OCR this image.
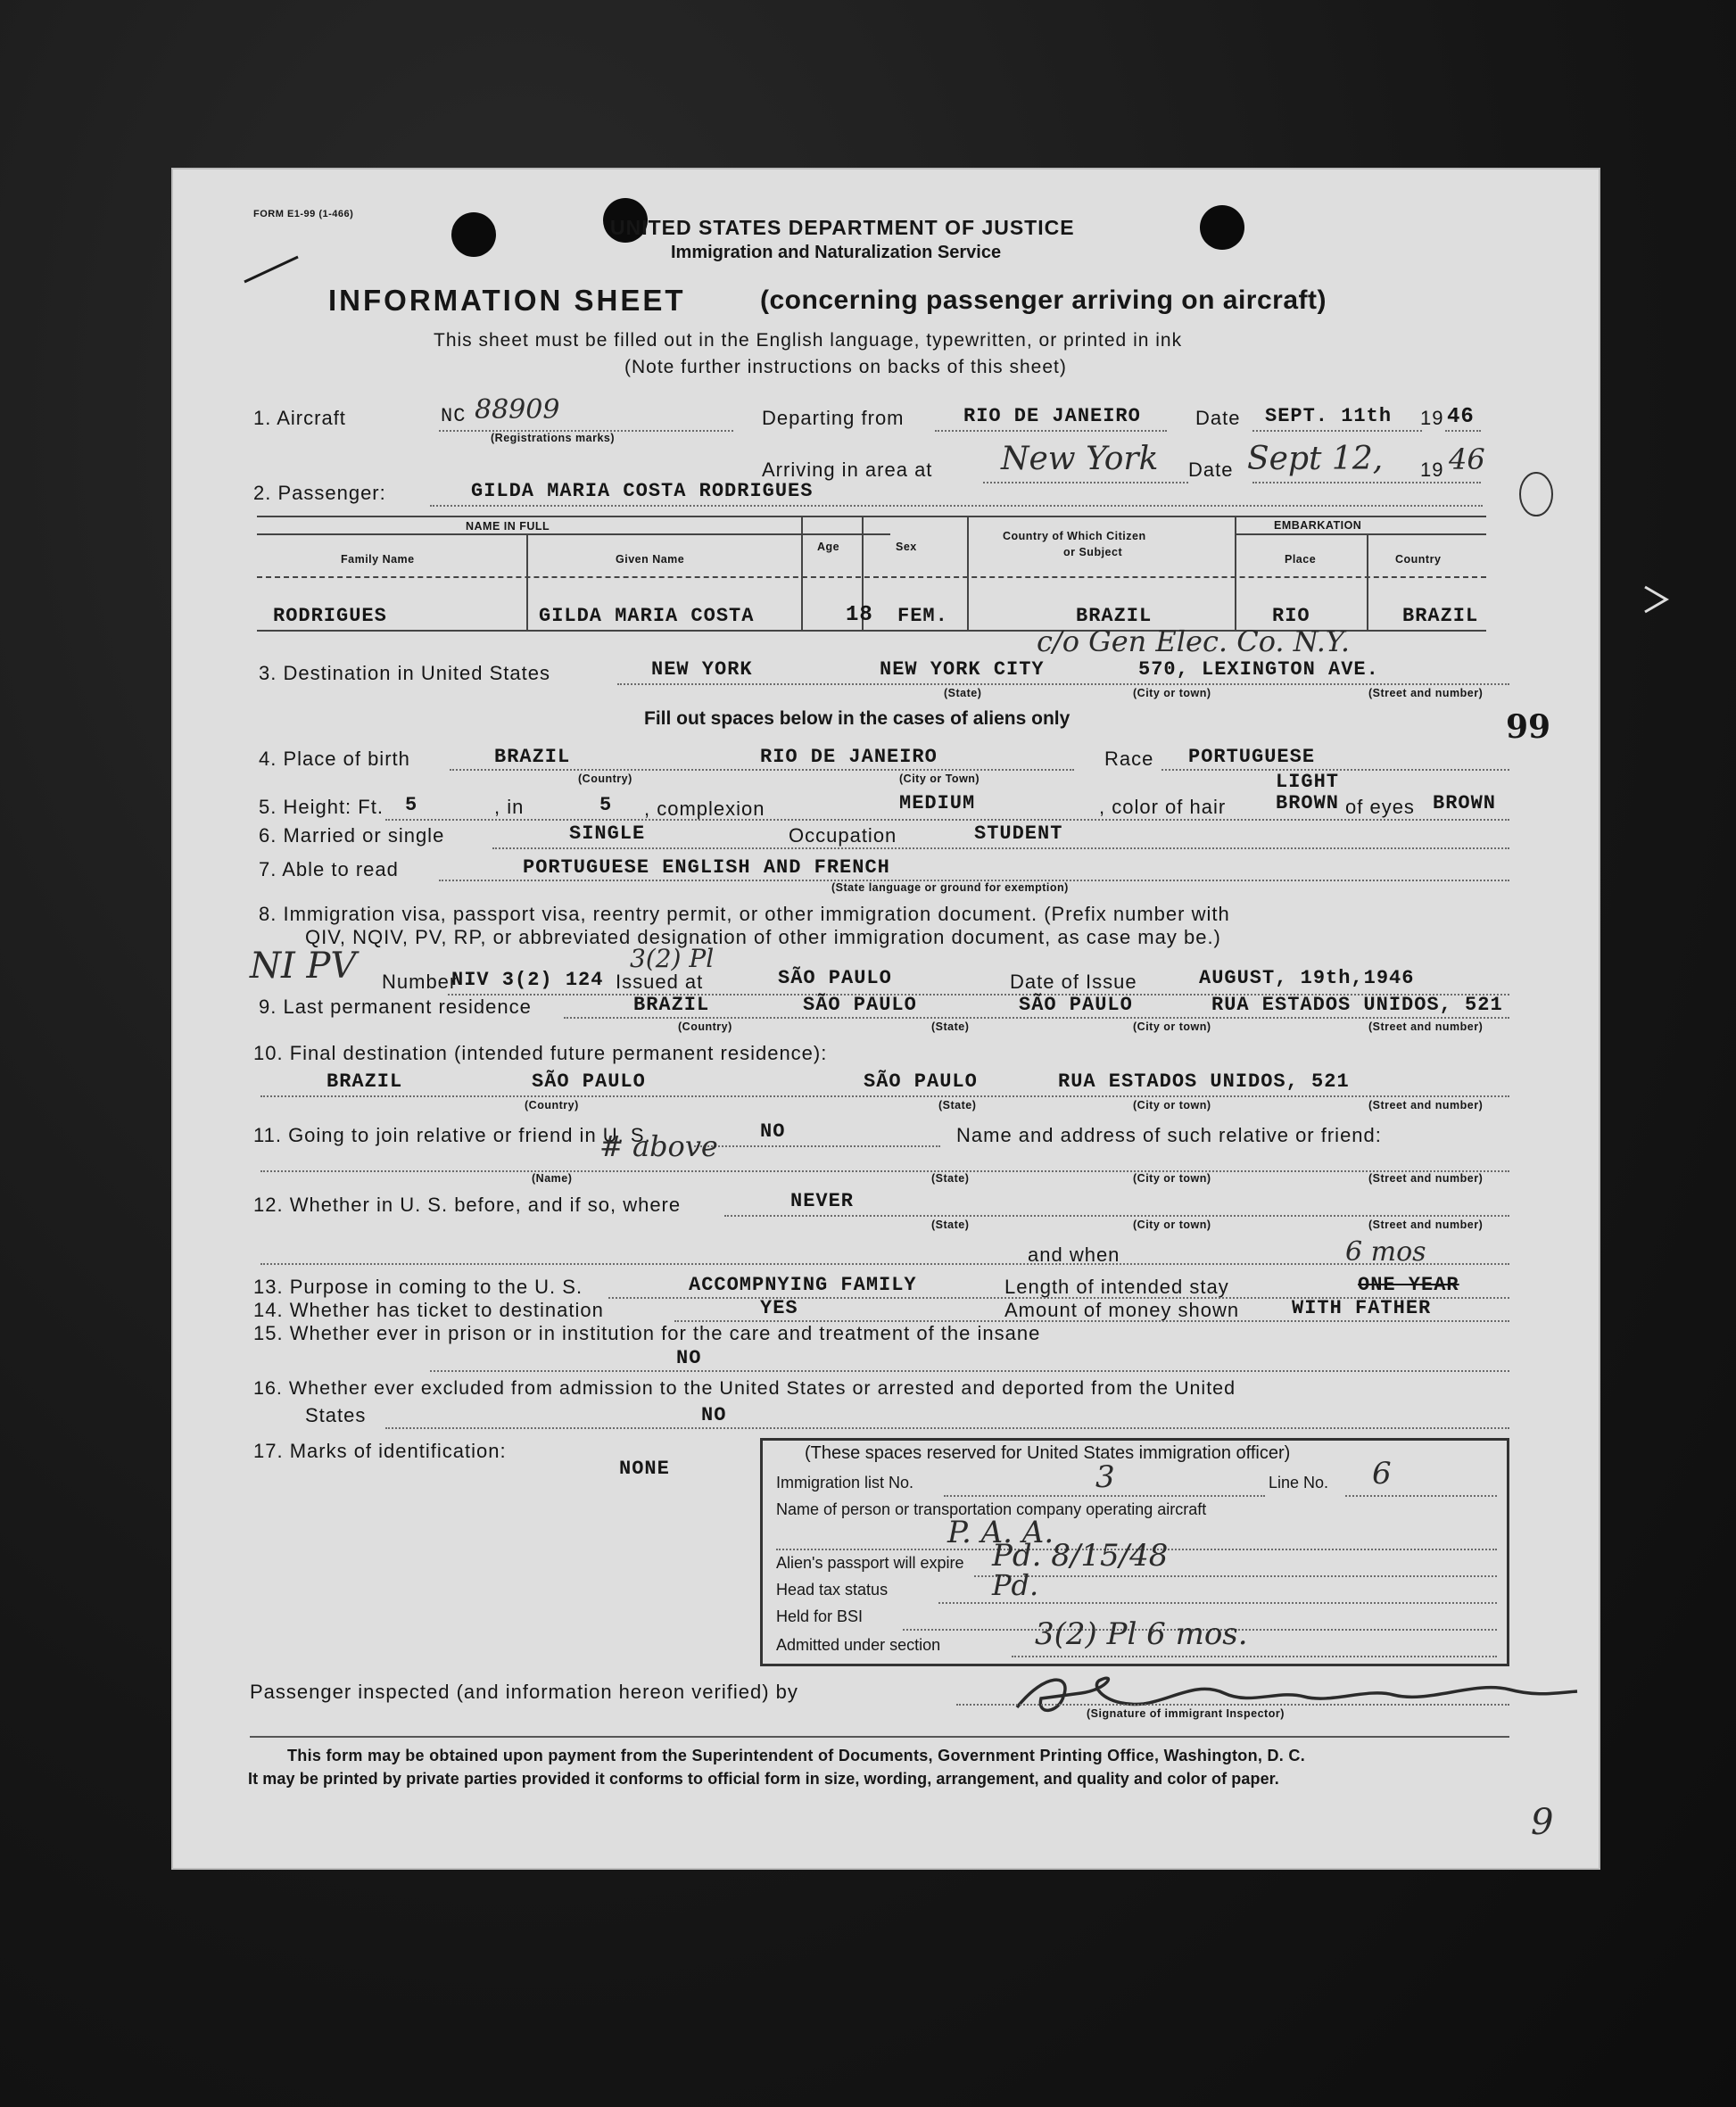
FORM E1-99 (1-466)
UNITED STATES DEPARTMENT OF JUSTICE
Immigration and Naturalization Service
INFORMATION SHEET	(concerning passenger arriving on aircraft)
This sheet must be filled out in the English language, typewritten, or printed in ink
(Note further instructions on backs of this sheet)
1. Aircraft	NC 88909
(Registrations marks)
Departing from	RIO DE JANEIRO	Date SEPT. 11th 19 46
Arriving in area at New York Date Sept 12, 19 46
2. Passenger:	GILDA MARIA COSTA RODRIGUES
NAME IN FULL
Family Name	Given Name
Age	Sex
Country of Which Citizen
or Subject
EMBARKATION
Place	Country
RODRIGUES	GILDA MARIA COSTA	18 FEM.	BRAZIL	RIO	BRAZIL
c/o Gen Elec. Co. N.Y.
3. Destination in United States	NEW YORK	NEW YORK CITY	570, LEXINGTON AVE.
(State)	(City or town)	(Street and number)
Fill out spaces below in the cases of aliens only	99
4. Place of birth	BRAZIL	RIO DE JANEIRO
(Country)	(City or Town)
Race PORTUGUESE
5. Height: Ft. 5	, in	5 , complexion	MEDIUM	, color of hair
LIGHT
BROWN of eyes BROWN
6. Married or single	SINGLE	Occupation	STUDENT
7. Able to read	PORTUGUESE ENGLISH AND FRENCH
(State language or ground for exemption)
8. Immigration visa, passport visa, reentry permit, or other immigration document. (Prefix number with
QIV, NQIV, PV, RP, or abbreviated designation of other immigration document, as case may be.)
NI PV	3(2) Pl
Number
NIV 3(2) 124 Issued at	SÃO PAULO	Date of Issue	AUGUST, 19th,1946
9. Last permanent residence	BRAZIL	SÃO PAULO	SÃO PAULO	RUA ESTADOS UNIDOS, 521
(Country)	(State)	(City or town)	(Street and number)
10. Final destination (intended future permanent residence):
BRAZIL	SÃO PAULO	SÃO PAULO	RUA ESTADOS UNIDOS, 521
(Country)	(State)	(City or town)	(Street and number)
11. Going to join relative or friend in U. S.	NO	Name and address of such relative or friend:
# above
(Name)	(State)	(City or town)	(Street and number)
12. Whether in U. S. before, and if so, where	NEVER
(State)	(City or town)	(Street and number)
and when	6 mos
13. Purpose in coming to the U. S.	ACCOMPNYING FAMILY	Length of intended stay	ONE YEAR
14. Whether has ticket to destination	YES	Amount of money shown	WITH FATHER
15. Whether ever in prison or in institution for the care and treatment of the insane
NO
16. Whether ever excluded from admission to the United States or arrested and deported from the United
States	NO
17. Marks of identification:
NONE
(These spaces reserved for United States immigration officer)
Immigration list No.	3	Line No. 6
Name of person or transportation company operating aircraft
P. A. A.
Alien's passport will expire Pd. 8/15/48
Head tax status	Pd.
Held for BSI
Admitted under section	3(2) Pl 6 mos.
Passenger inspected (and information hereon verified) by
(Signature of immigrant Inspector)
This form may be obtained upon payment from the Superintendent of Documents, Government Printing Office, Washington, D. C.
It may be printed by private parties provided it conforms to official form in size, wording, arrangement, and quality and color of paper.
9
